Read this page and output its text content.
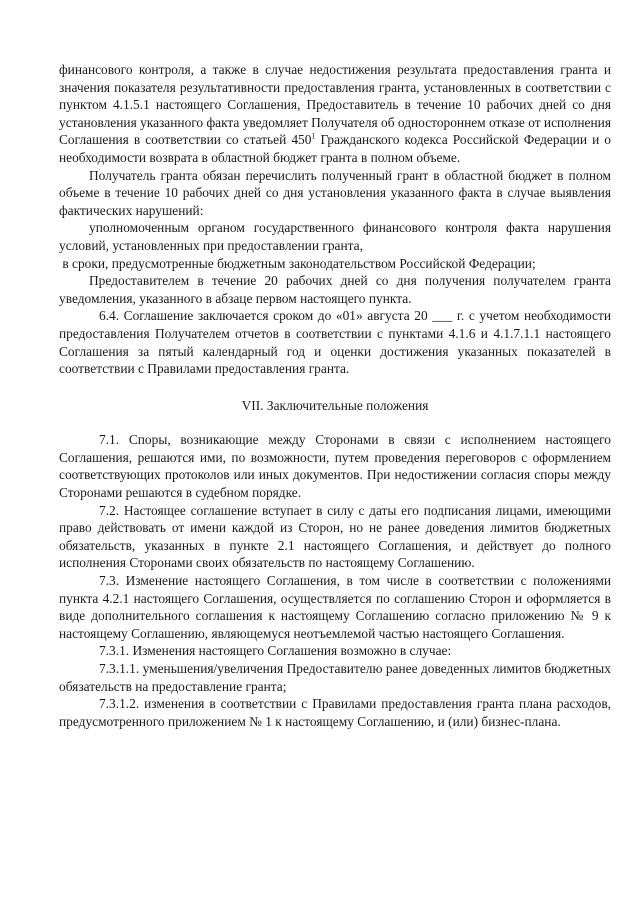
финансового контроля, а также в случае недостижения результата предоставления гранта и значения показателя результативности предоставления гранта, установленных в соответствии с пунктом 4.1.5.1 настоящего Соглашения, Предоставитель в течение 10 рабочих дней со дня установления указанного факта уведомляет Получателя об одностороннем отказе от исполнения Соглашения в соответствии со статьей $450^1$ Гражданского кодекса Российской Федерации и о необходимости возврата в областной бюджет гранта в полном объеме.

Получатель гранта обязан перечислить полученный грант в областной бюджет в полном объеме в течение 10 рабочих дней со дня установления указанного факта в случае выявления фактических нарушений:

уполномоченным органом государственного финансового контроля факта нарушения условий, установленных при предоставлении гранта,

в сроки, предусмотренные бюджетным законодательством Российской Федерации;

Предоставителем в течение 20 рабочих дней со дня получения получателем гранта уведомления, указанного в абзаце первом настоящего пункта.

6.4. Соглашение заключается сроком до «01» августа 20 ___ г. с учетом необходимости предоставления Получателем отчетов в соответствии с пунктами 4.1.6 и 4.1.7.1.1 настоящего Соглашения за пятый календарный год и оценки достижения указанных показателей в соответствии с Правилами предоставления гранта.

VII. Заключительные положения

7.1. Споры, возникающие между Сторонами в связи с исполнением настоящего Соглашения, решаются ими, по возможности, путем проведения переговоров с оформлением соответствующих протоколов или иных документов. При недостижении согласия споры между Сторонами решаются в судебном порядке.

7.2. Настоящее соглашение вступает в силу с даты его подписания лицами, имеющими право действовать от имени каждой из Сторон, но не ранее доведения лимитов бюджетных обязательств, указанных в пункте 2.1 настоящего Соглашения, и действует до полного исполнения Сторонами своих обязательств по настоящему Соглашению.

7.3. Изменение настоящего Соглашения, в том числе в соответствии с положениями пункта 4.2.1 настоящего Соглашения, осуществляется по соглашению Сторон и оформляется в виде дополнительного соглашения к настоящему Соглашению согласно приложению № 9 к настоящему Соглашению, являющемуся неотъемлемой частью настоящего Соглашения.

7.3.1. Изменения настоящего Соглашения возможно в случае:

7.3.1.1. уменьшения/увеличения Предоставителю ранее доведенных лимитов бюджетных обязательств на предоставление гранта;

7.3.1.2. изменения в соответствии с Правилами предоставления гранта плана расходов, предусмотренного приложением № 1 к настоящему Соглашению, и (или) бизнес-плана.
